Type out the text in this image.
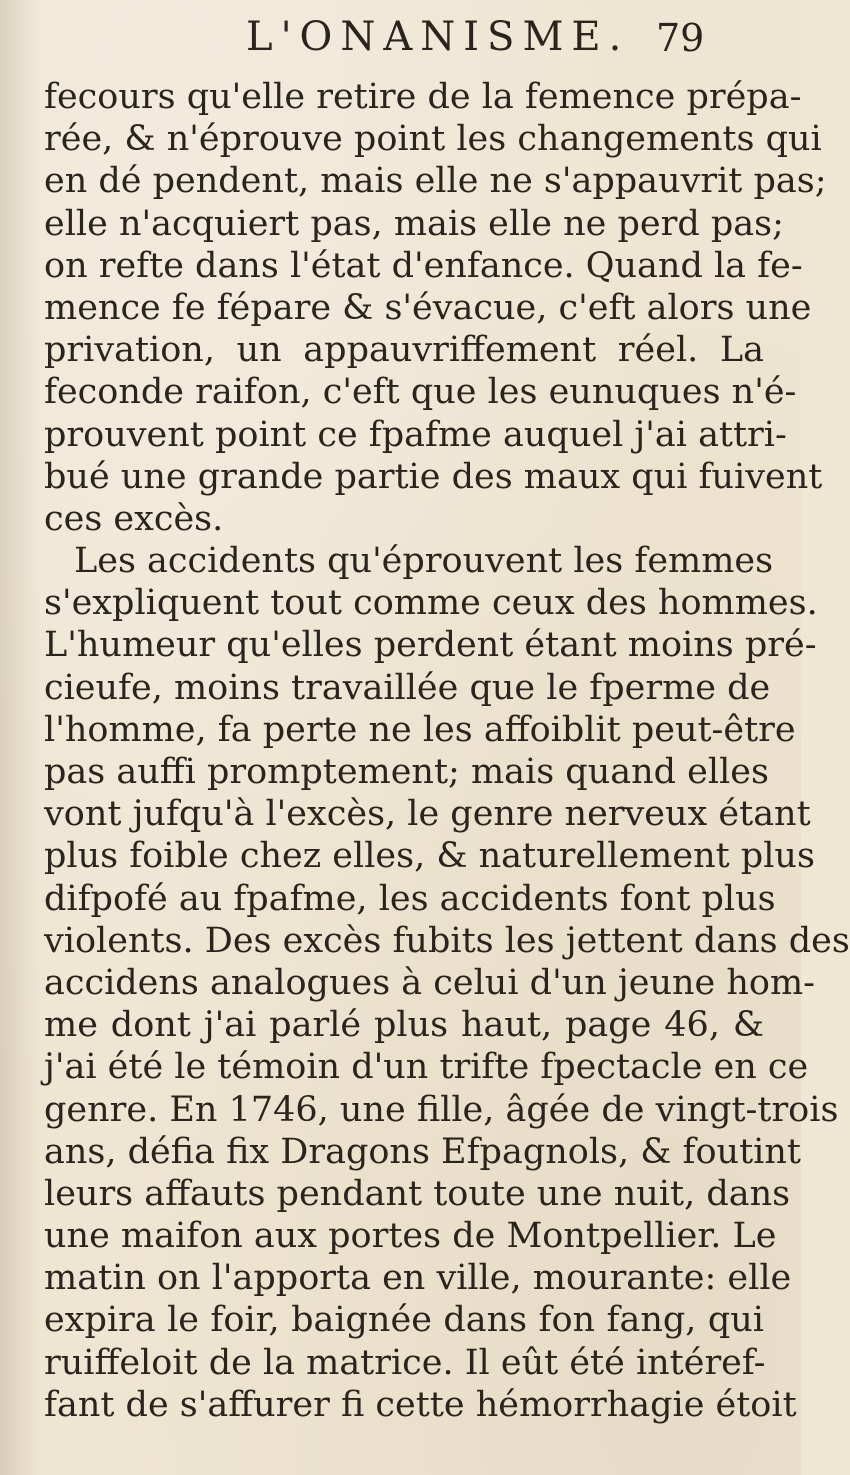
L'ONANISME. 79
fecours qu'elle retire de la femence prépa-
rée, & n'éprouve point les changements qui
en dé pendent, mais elle ne s'appauvrit pas;
elle n'acquiert pas, mais elle ne perd pas;
on refte dans l'état d'enfance. Quand la fe-
mence fe fépare & s'évacue, c'eft alors une
privation, un appauvriffement réel. La
feconde raifon, c'eft que les eunuques n'é-
prouvent point ce fpafme auquel j'ai attri-
bué une grande partie des maux qui fuivent
ces excès.
Les accidents qu'éprouvent les femmes
s'expliquent tout comme ceux des hommes.
L'humeur qu'elles perdent étant moins pré-
cieufe, moins travaillée que le fperme de
l'homme, fa perte ne les affoiblit peut-être
pas auffi promptement; mais quand elles
vont jufqu'à l'excès, le genre nerveux étant
plus foible chez elles, & naturellement plus
difpofé au fpafme, les accidents font plus
violents. Des excès fubits les jettent dans des
accidens analogues à celui d'un jeune hom-
me dont j'ai parlé plus haut, page 46, &
j'ai été le témoin d'un trifte fpectacle en ce
genre. En 1746, une fille, âgée de vingt-trois
ans, défia fix Dragons Efpagnols, & foutint
leurs affauts pendant toute une nuit, dans
une maifon aux portes de Montpellier. Le
matin on l'apporta en ville, mourante: elle
expira le foir, baignée dans fon fang, qui
ruiffeloit de la matrice. Il eût été intéref-
fant de s'affurer fi cette hémorrhagie étoit
